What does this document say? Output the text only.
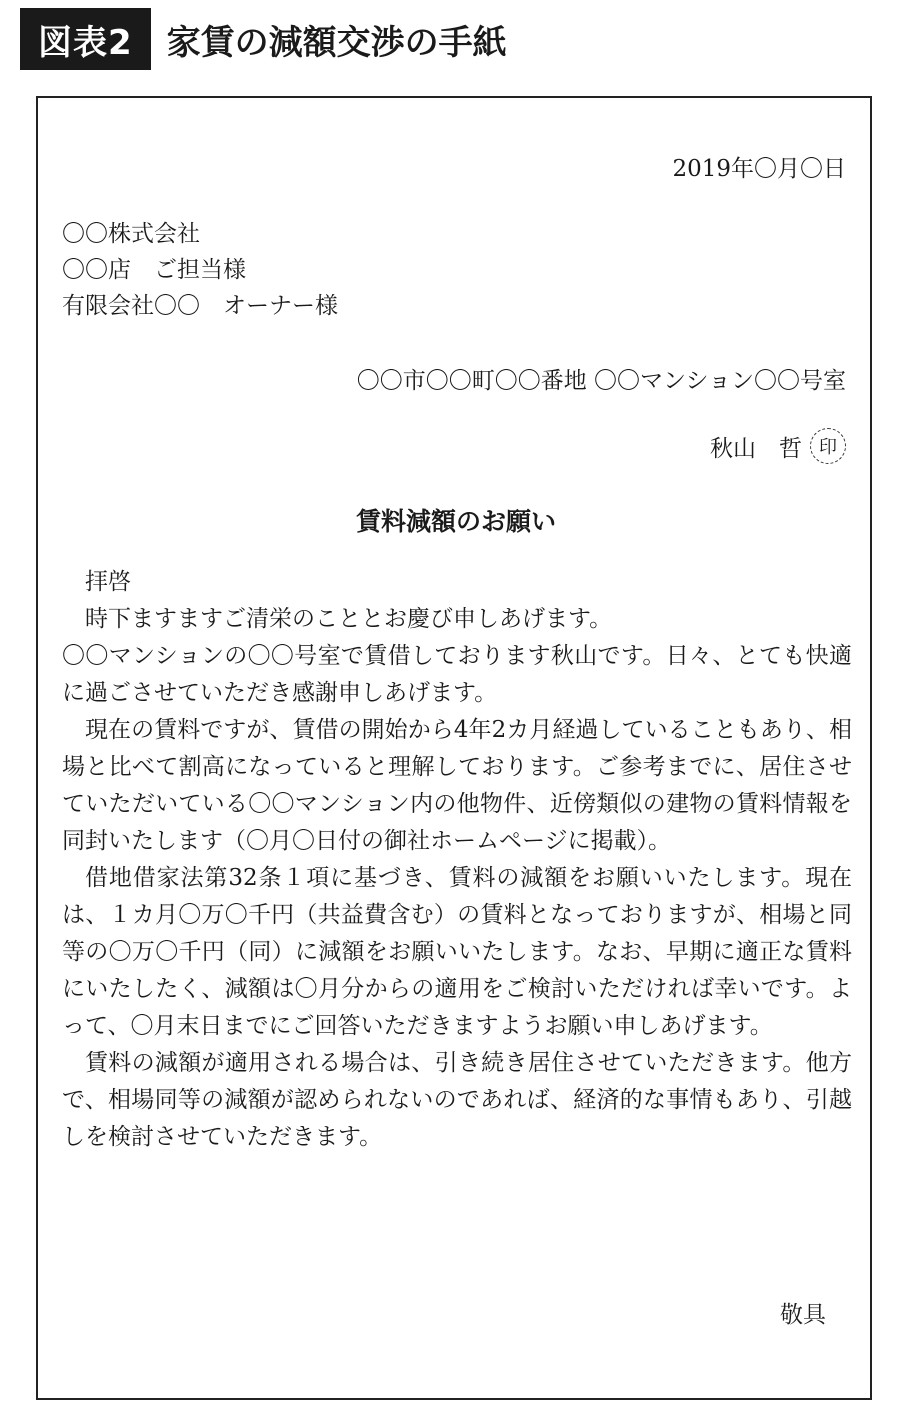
図表2	家賃の減額交渉の手紙
2019年〇月〇日
〇〇株式会社
〇〇店　ご担当様
有限会社〇〇　オーナー様
〇〇市〇〇町〇〇番地 〇〇マンション〇〇号室
秋山　哲 印
賃料減額のお願い

拝啓

時下ますますご清栄のこととお慶び申しあげます。

〇〇マンションの〇〇号室で賃借しております秋山です。日々、とても快適に過ごさせていただき感謝申しあげます。

現在の賃料ですが、賃借の開始から4年2カ月経過していることもあり、相場と比べて割高になっていると理解しております。ご参考までに、居住させていただいている〇〇マンション内の他物件、近傍類似の建物の賃料情報を同封いたします（〇月〇日付の御社ホームページに掲載）。

借地借家法第32条１項に基づき、賃料の減額をお願いいたします。現在は、１カ月〇万〇千円（共益費含む）の賃料となっておりますが、相場と同等の〇万〇千円（同）に減額をお願いいたします。なお、早期に適正な賃料にいたしたく、減額は〇月分からの適用をご検討いただければ幸いです。よって、〇月末日までにご回答いただきますようお願い申しあげます。

賃料の減額が適用される場合は、引き続き居住させていただきます。他方で、相場同等の減額が認められないのであれば、経済的な事情もあり、引越しを検討させていただきます。

敬具
